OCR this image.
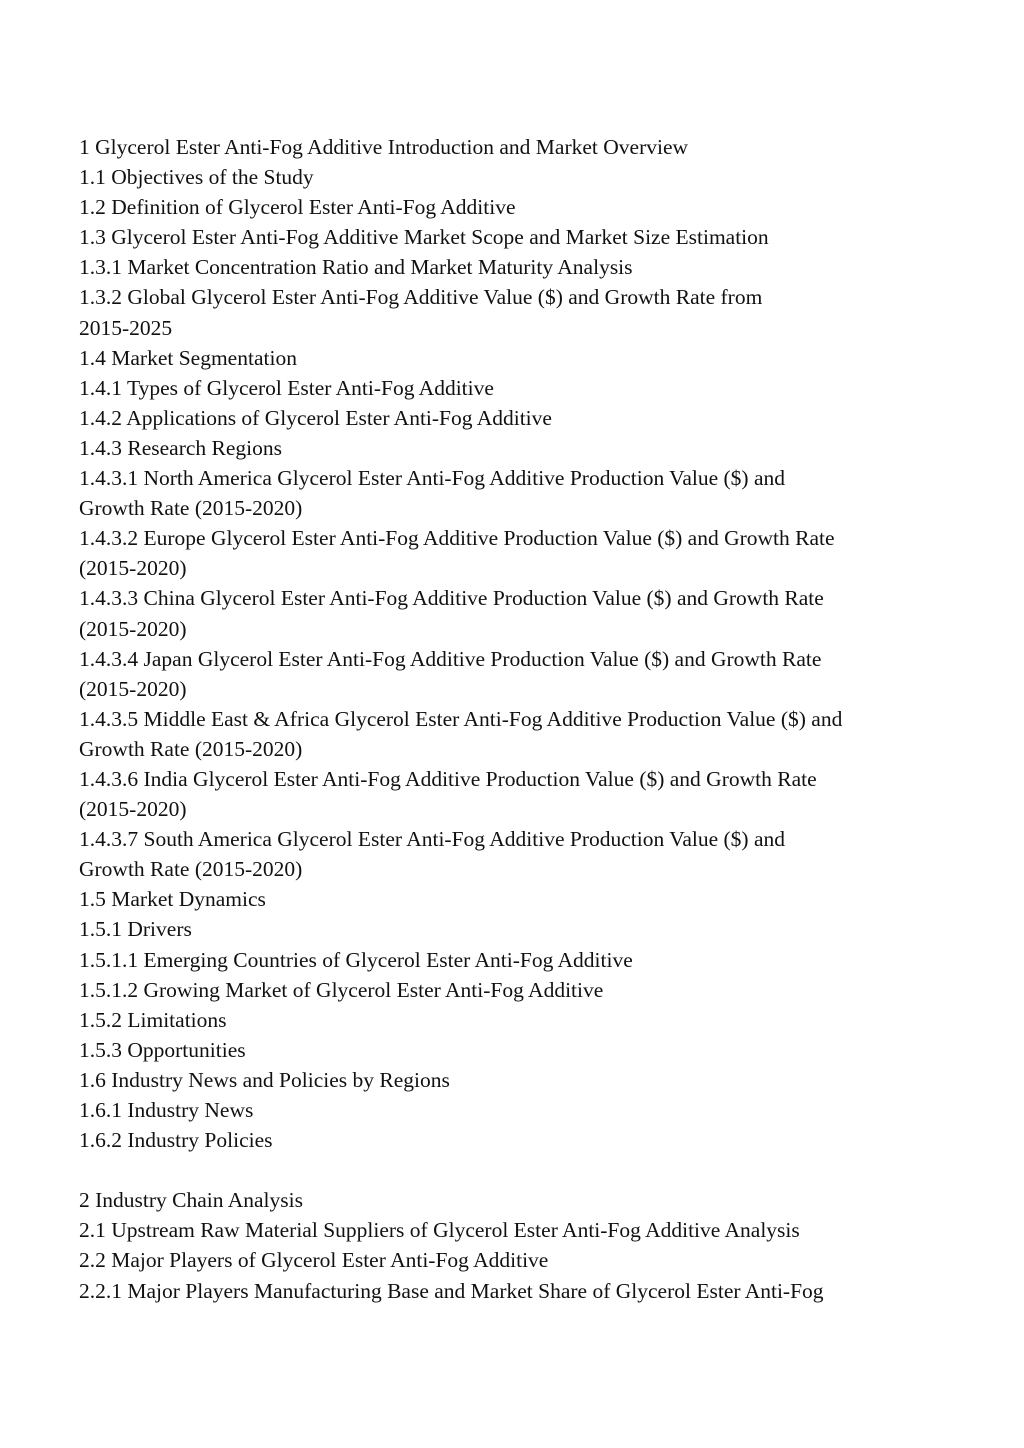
1 Glycerol Ester Anti-Fog Additive Introduction and Market Overview
1.1 Objectives of the Study
1.2 Definition of Glycerol Ester Anti-Fog Additive
1.3 Glycerol Ester Anti-Fog Additive Market Scope and Market Size Estimation
1.3.1 Market Concentration Ratio and Market Maturity Analysis
1.3.2 Global Glycerol Ester Anti-Fog Additive Value ($) and Growth Rate from
2015-2025
1.4 Market Segmentation
1.4.1 Types of Glycerol Ester Anti-Fog Additive
1.4.2 Applications of Glycerol Ester Anti-Fog Additive
1.4.3 Research Regions
1.4.3.1 North America Glycerol Ester Anti-Fog Additive Production Value ($) and
Growth Rate (2015-2020)
1.4.3.2 Europe Glycerol Ester Anti-Fog Additive Production Value ($) and Growth Rate
(2015-2020)
1.4.3.3 China Glycerol Ester Anti-Fog Additive Production Value ($) and Growth Rate
(2015-2020)
1.4.3.4 Japan Glycerol Ester Anti-Fog Additive Production Value ($) and Growth Rate
(2015-2020)
1.4.3.5 Middle East & Africa Glycerol Ester Anti-Fog Additive Production Value ($) and
Growth Rate (2015-2020)
1.4.3.6 India Glycerol Ester Anti-Fog Additive Production Value ($) and Growth Rate
(2015-2020)
1.4.3.7 South America Glycerol Ester Anti-Fog Additive Production Value ($) and
Growth Rate (2015-2020)
1.5 Market Dynamics
1.5.1 Drivers
1.5.1.1 Emerging Countries of Glycerol Ester Anti-Fog Additive
1.5.1.2 Growing Market of Glycerol Ester Anti-Fog Additive
1.5.2 Limitations
1.5.3 Opportunities
1.6 Industry News and Policies by Regions
1.6.1 Industry News
1.6.2 Industry Policies
2 Industry Chain Analysis
2.1 Upstream Raw Material Suppliers of Glycerol Ester Anti-Fog Additive Analysis
2.2 Major Players of Glycerol Ester Anti-Fog Additive
2.2.1 Major Players Manufacturing Base and Market Share of Glycerol Ester Anti-Fog
